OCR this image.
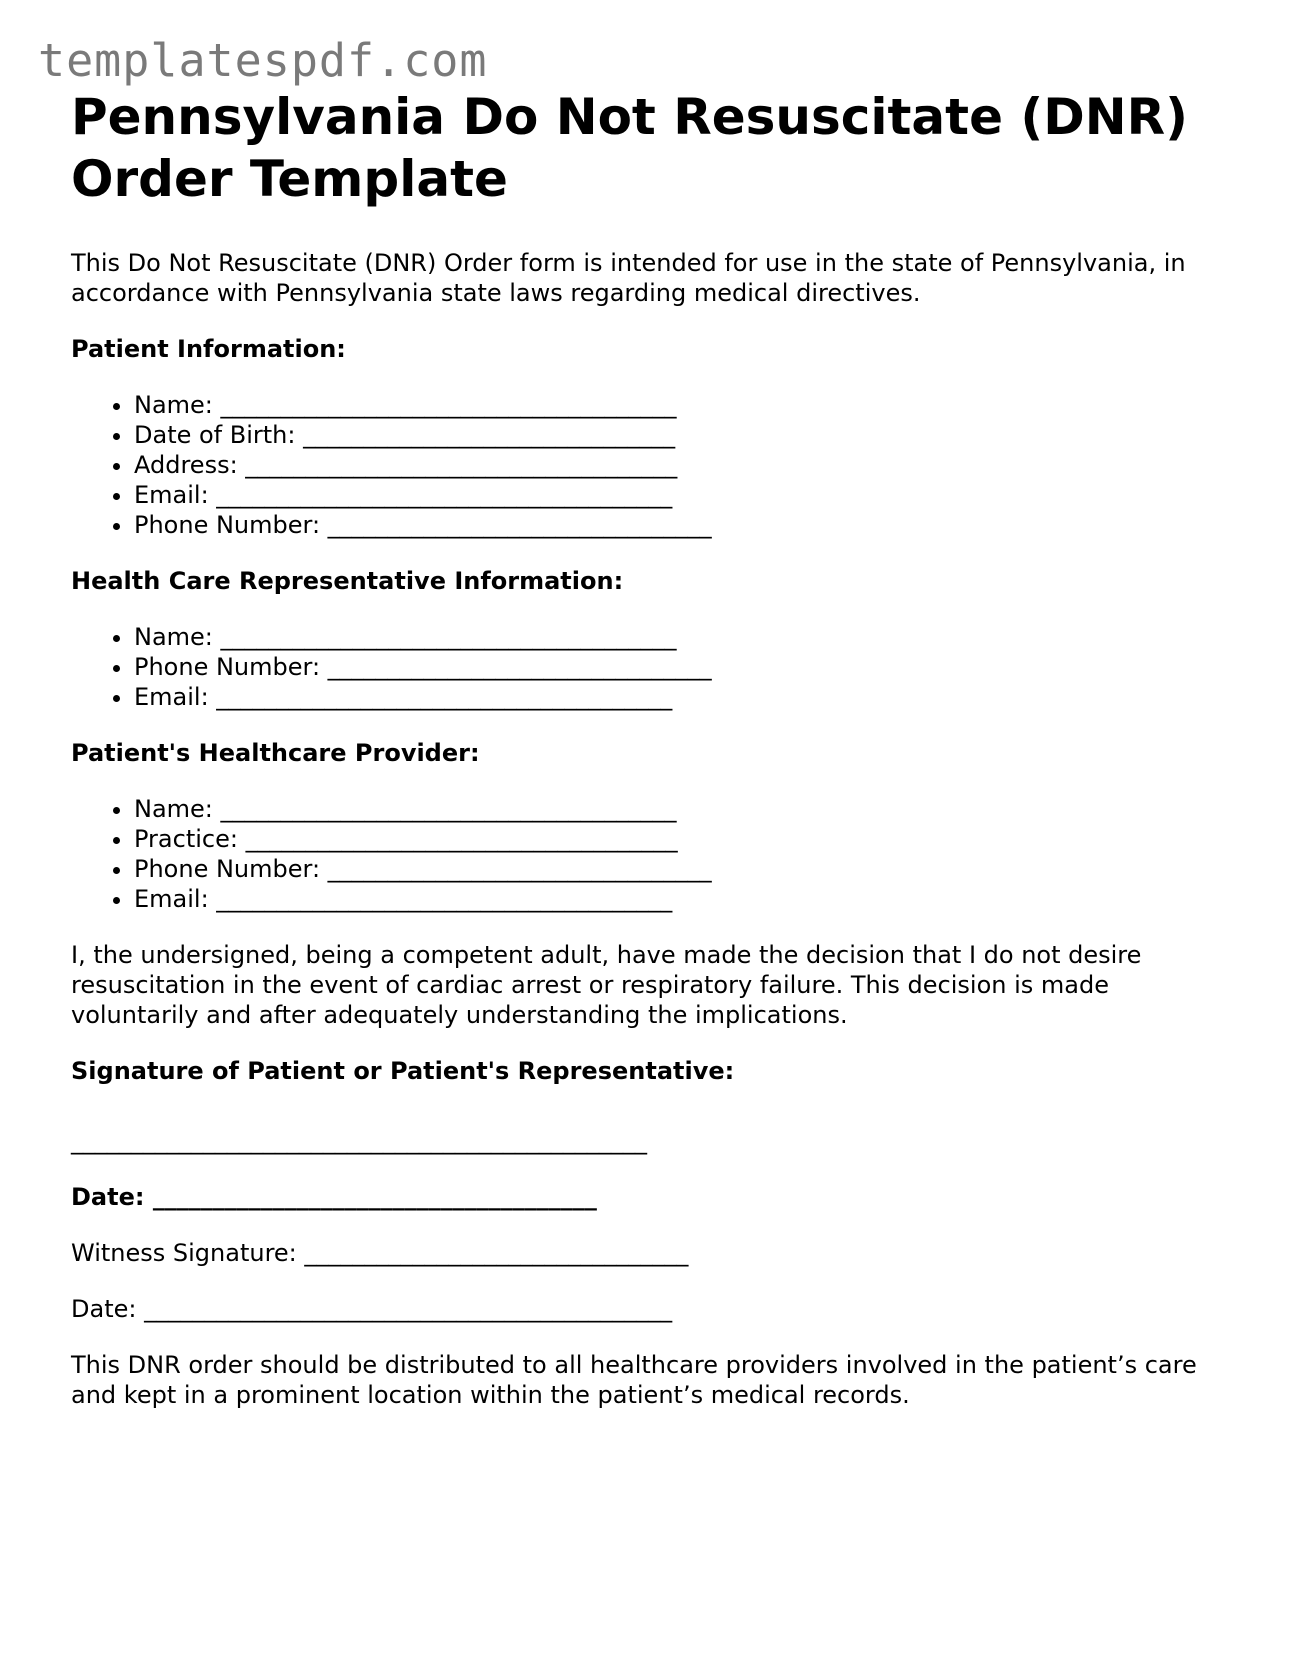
templatespdf.com
Pennsylvania Do Not Resuscitate (DNR) Order Template

This Do Not Resuscitate (DNR) Order form is intended for use in the state of Pennsylvania, in accordance with Pennsylvania state laws regarding medical directives.

Patient Information:
• Name: ______________________________________
• Date of Birth: _______________________________
• Address: ____________________________________
• Email: ______________________________________
• Phone Number: ________________________________
Health Care Representative Information:
• Name: ______________________________________
• Phone Number: ________________________________
• Email: ______________________________________
Patient's Healthcare Provider:
• Name: ______________________________________
• Practice: ____________________________________
• Phone Number: ________________________________
• Email: ______________________________________

I, the undersigned, being a competent adult, have made the decision that I do not desire resuscitation in the event of cardiac arrest or respiratory failure. This decision is made voluntarily and after adequately understanding the implications.

Signature of Patient or Patient's Representative:

________________________________________________

Date: _____________________________________

Witness Signature: ________________________________

Date: ____________________________________________

This DNR order should be distributed to all healthcare providers involved in the patient’s care and kept in a prominent location within the patient’s medical records.
